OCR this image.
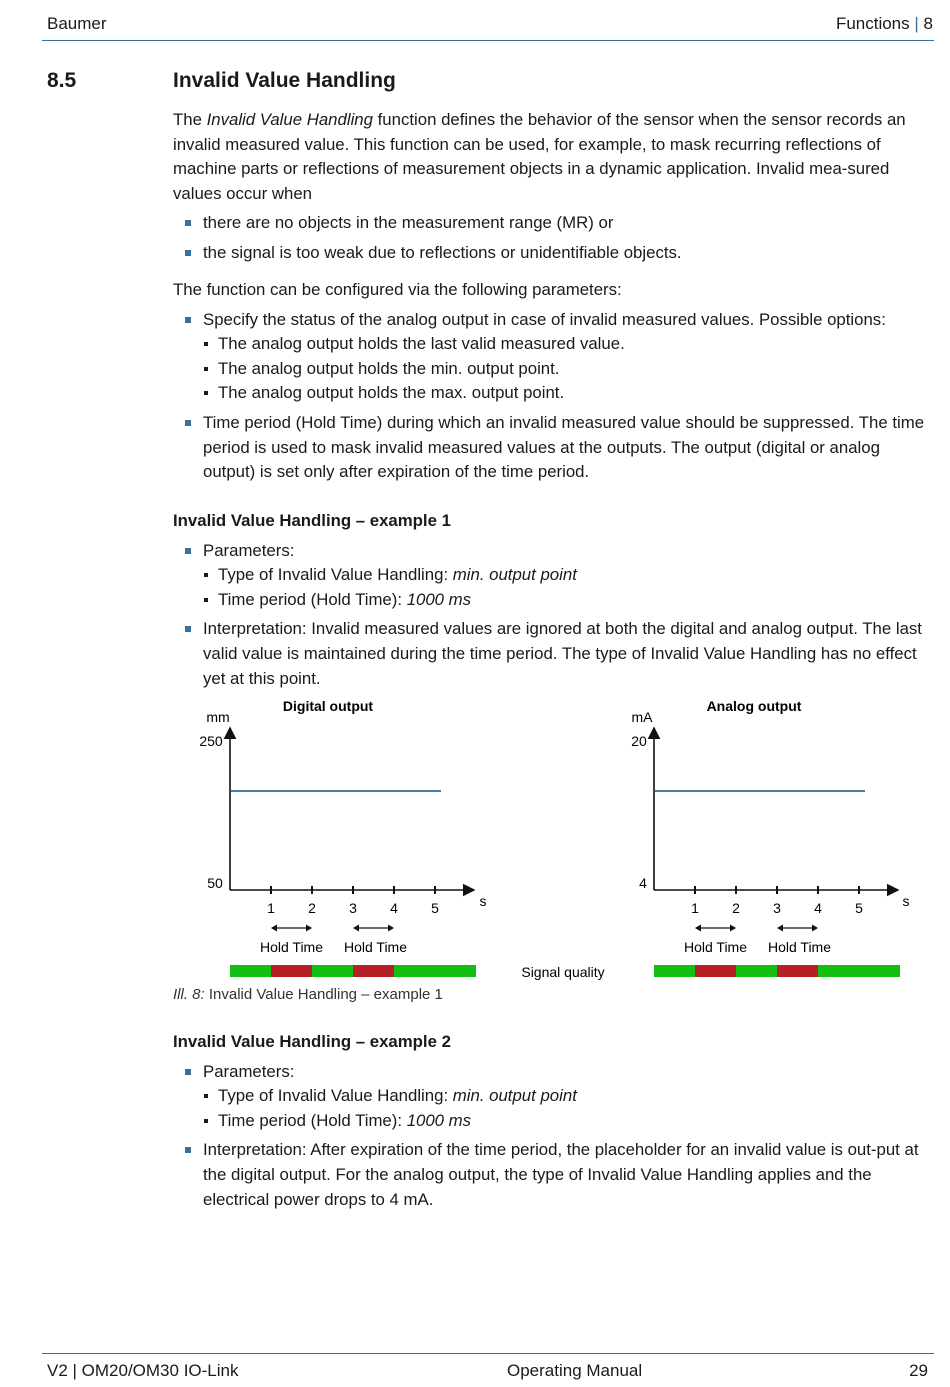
Baumer	Functions | 8
8.5	Invalid Value Handling

The Invalid Value Handling function defines the behavior of the sensor when the sensor records an invalid measured value. This function can be used, for example, to mask recurring reflections of machine parts or reflections of measurement objects in a dynamic application. Invalid mea-sured values occur when

there are no objects in the measurement range (MR) or
the signal is too weak due to reflections or unidentifiable objects.

The function can be configured via the following parameters:

Specify the status of the analog output in case of invalid measured values. Possible options:
The analog output holds the last valid measured value.
The analog output holds the min. output point.
The analog output holds the max. output point.
Time period (Hold Time) during which an invalid measured value should be suppressed. The time period is used to mask invalid measured values at the outputs. The output (digital or analog output) is set only after expiration of the time period.

Invalid Value Handling – example 1

Parameters:
Type of Invalid Value Handling: min. output point
Time period (Hold Time): 1000 ms
Interpretation: Invalid measured values are ignored at both the digital and analog output. The last valid value is maintained during the time period. The type of Invalid Value Handling has no effect yet at this point.
Digital output
mm
250
50
1 2 3 4 5	s
Hold Time Hold Time
Analog output
mA
20
4
1 2 3 4 5	s
Hold Time Hold Time
Signal quality
Ill. 8: Invalid Value Handling – example 1

Invalid Value Handling – example 2

Parameters:
Type of Invalid Value Handling: min. output point
Time period (Hold Time): 1000 ms
Interpretation: After expiration of the time period, the placeholder for an invalid value is out-put at the digital output. For the analog output, the type of Invalid Value Handling applies and the electrical power drops to 4 mA.
V2 | OM20/OM30 IO-Link	Operating Manual	29
